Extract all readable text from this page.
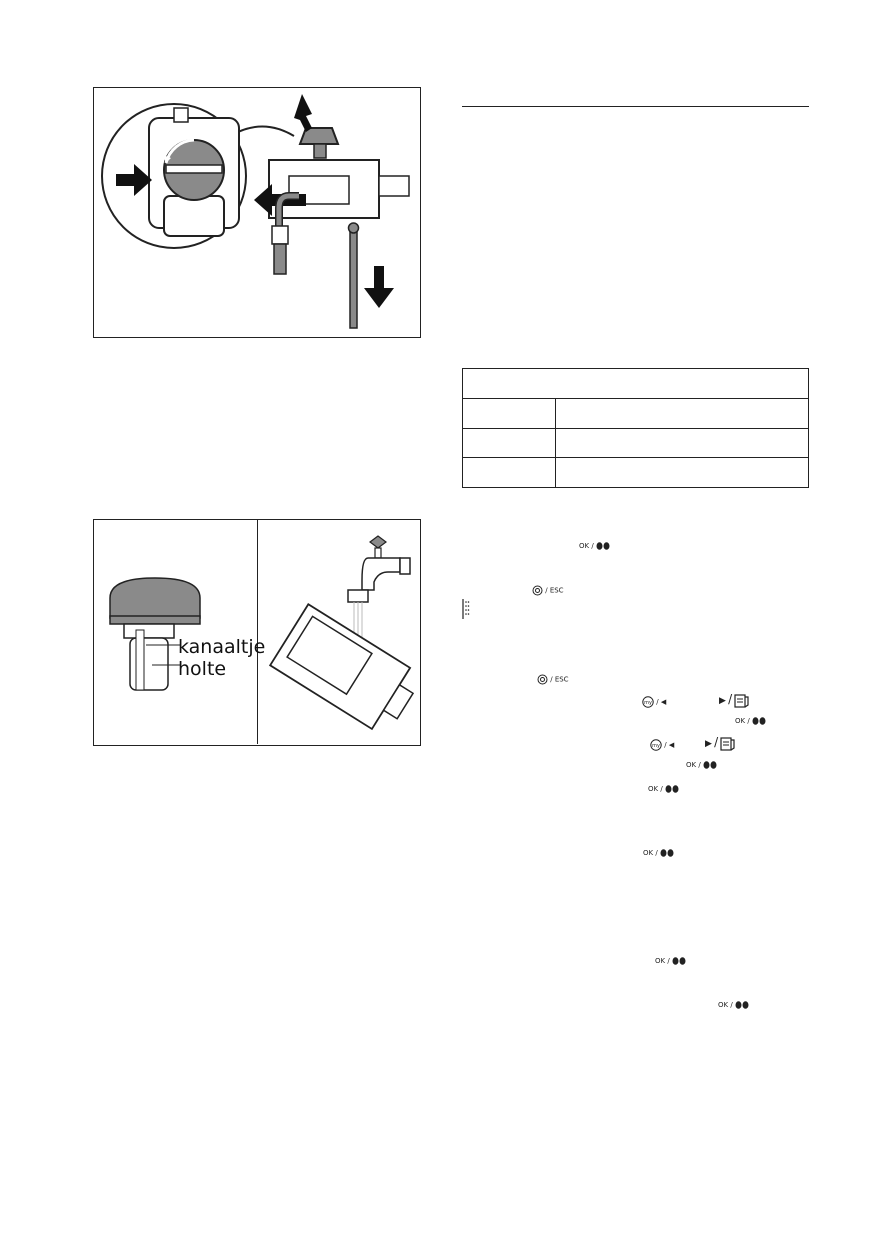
kanaaltje
holte

OK /
/ ESC
/ ESC
my / ◀	▶ /
OK /
my / ◀	▶ /
OK /
OK /
OK /
OK /
OK /
